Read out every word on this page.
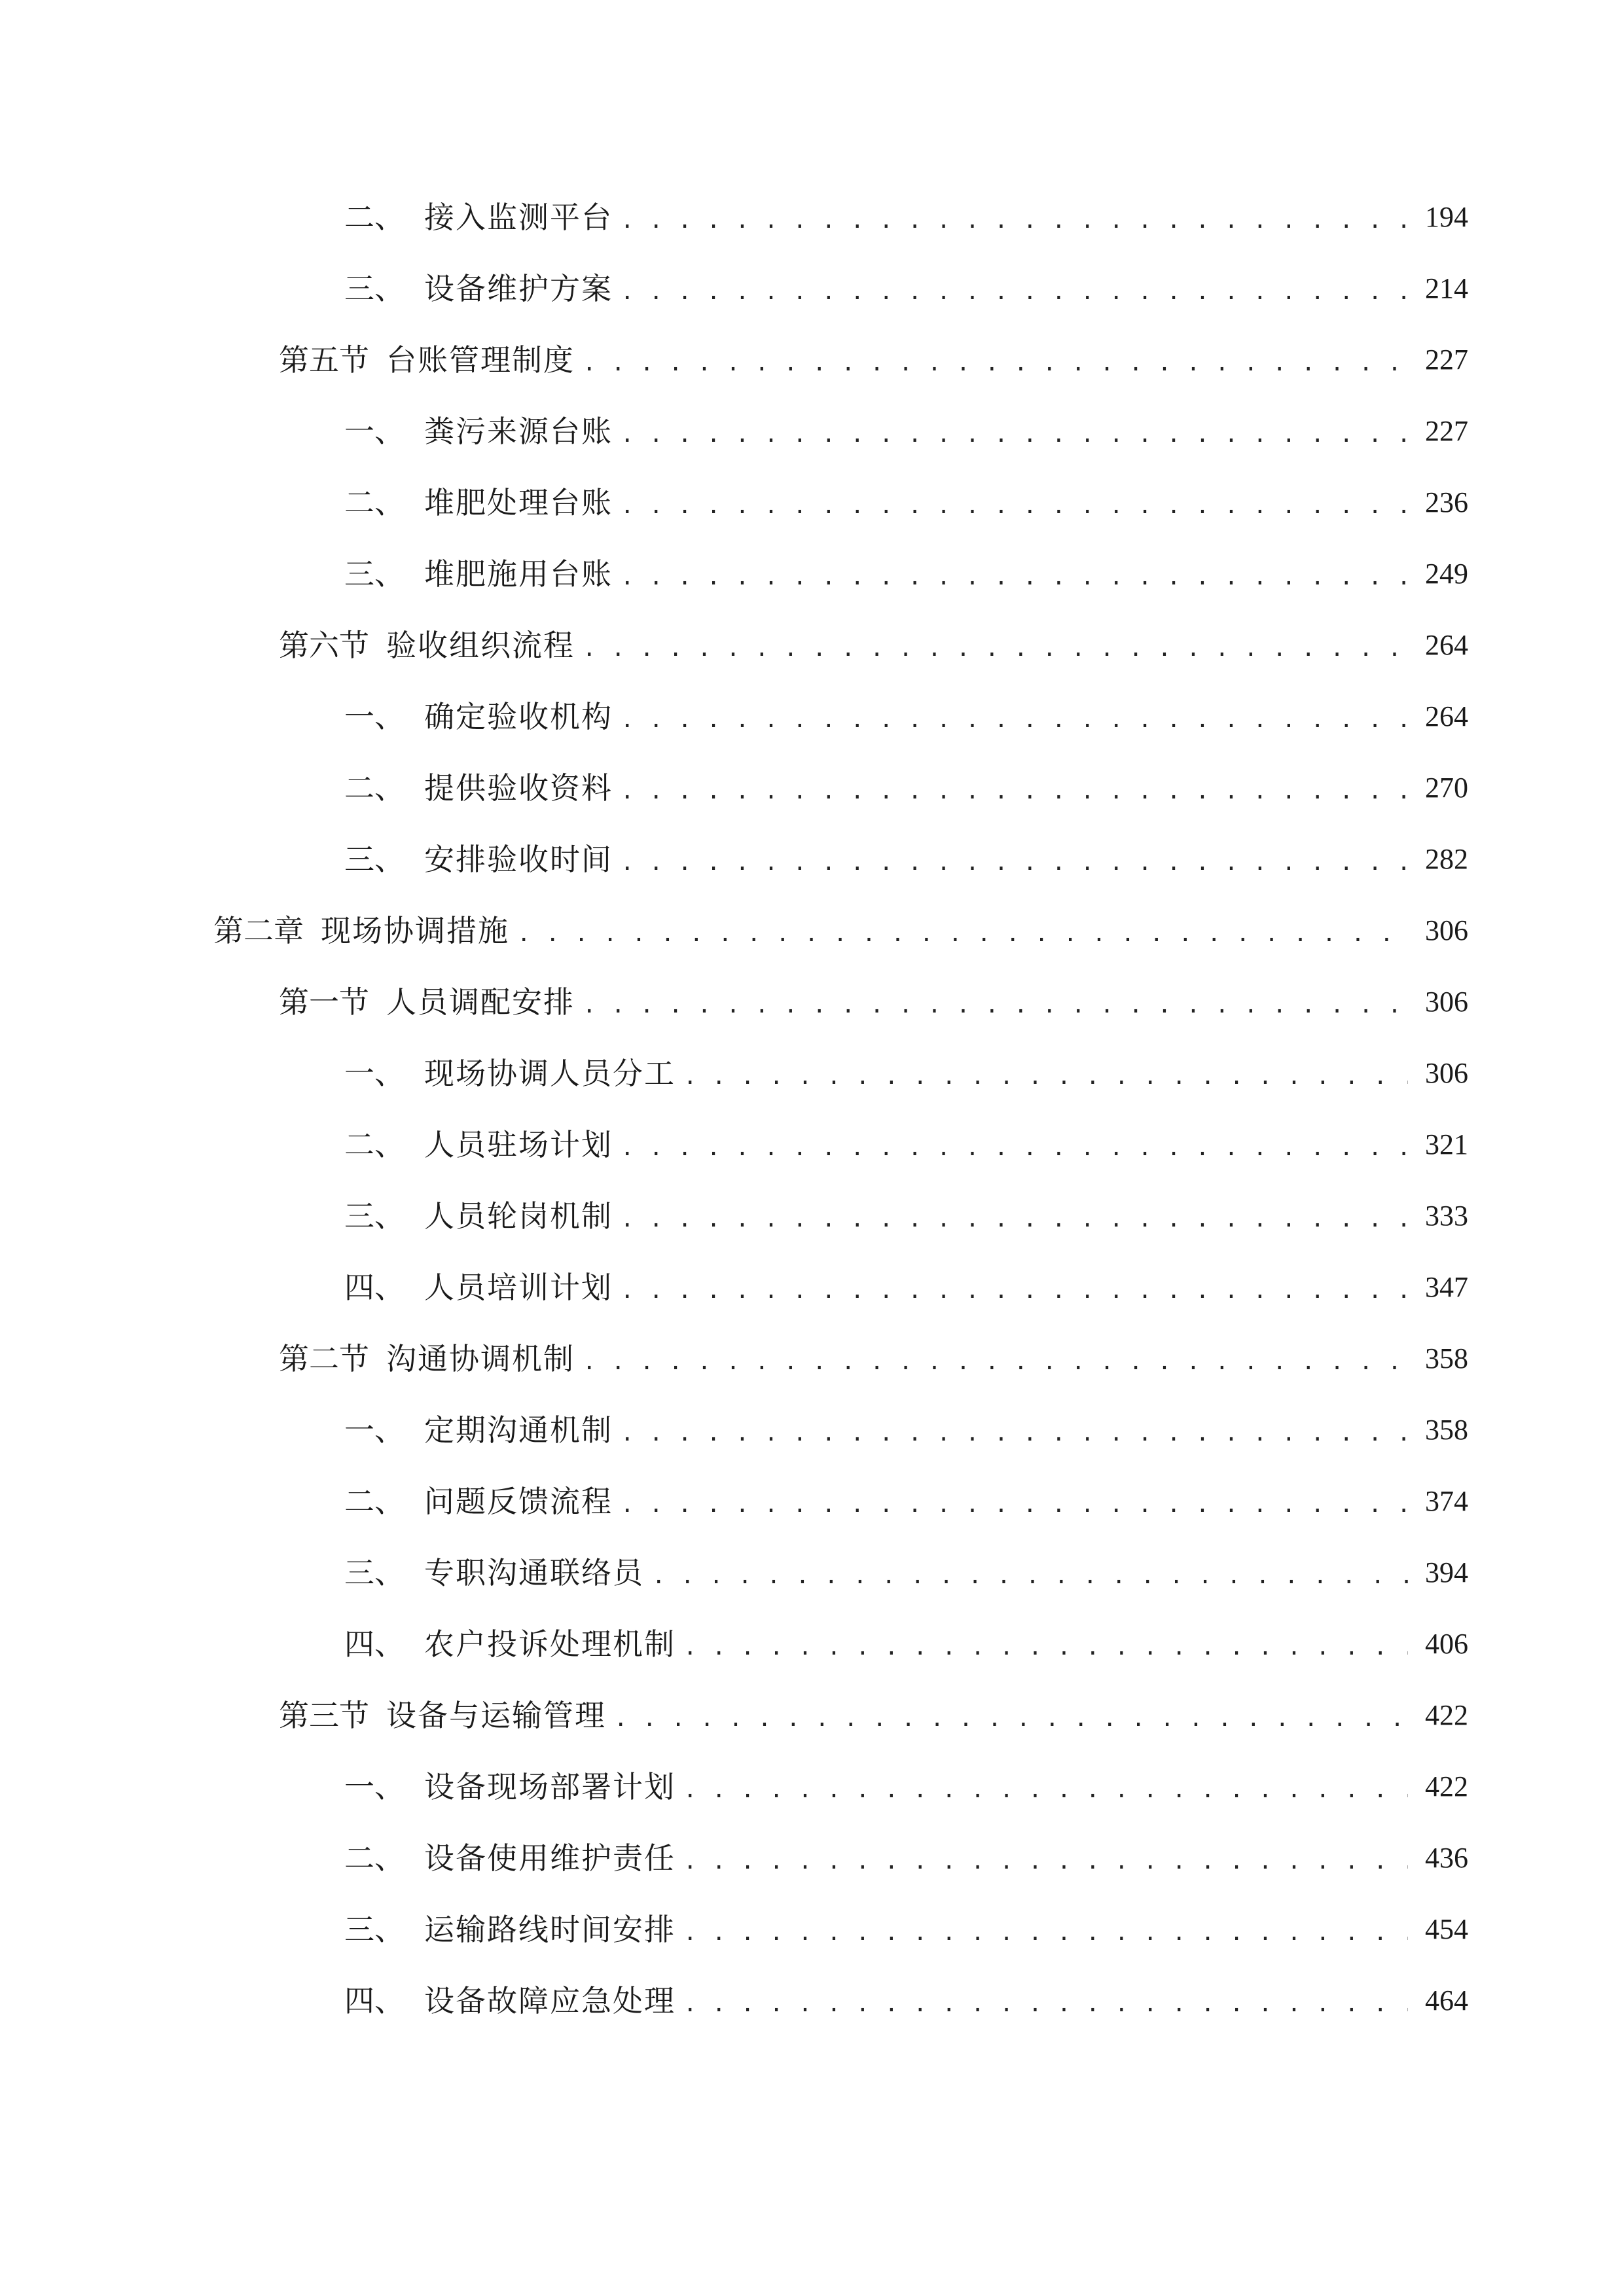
二、 接入监测平台 . . .	194
三、 设备维护方案 . . .	214
第五节 台账管理制度 . . .	227
一、 粪污来源台账 . . .	227
二、 堆肥处理台账 . . .	236
三、 堆肥施用台账 . . .	249
第六节 验收组织流程 . . .	264
一、 确定验收机构 . . .	264
二、 提供验收资料 . . .	270
三、 安排验收时间 . . .	282
第二章 现场协调措施 . . .	306
第一节 人员调配安排 . . .	306
一、 现场协调人员分工 . . .	306
二、 人员驻场计划 . . .	321
三、 人员轮岗机制 . . .	333
四、 人员培训计划 . . .	347
第二节 沟通协调机制 . . .	358
一、 定期沟通机制 . . .	358
二、 问题反馈流程 . . .	374
三、 专职沟通联络员 . . .	394
四、 农户投诉处理机制 . . .	406
第三节 设备与运输管理 . . .	422
一、 设备现场部署计划 . . .	422
二、 设备使用维护责任 . . .	436
三、 运输路线时间安排 . . .	454
四、 设备故障应急处理 . . .	464
